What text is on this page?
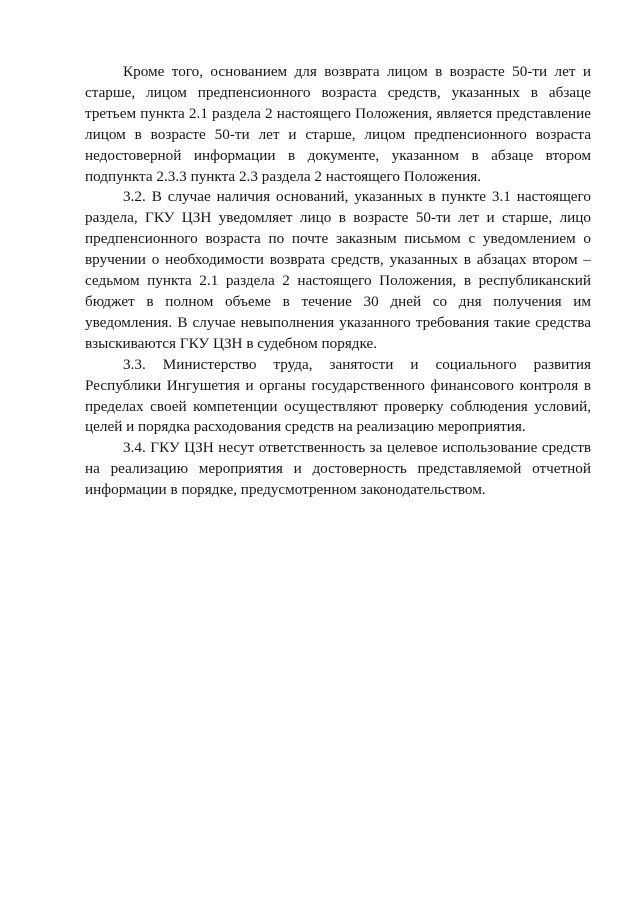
Кроме того, основанием для возврата лицом в возрасте 50-ти лет и старше, лицом предпенсионного возраста средств, указанных в абзаце третьем пункта 2.1 раздела 2 настоящего Положения, является представление лицом в возрасте 50-ти лет и старше, лицом предпенсионного возраста недостоверной информации в документе, указанном в абзаце втором подпункта 2.3.3 пункта 2.3 раздела 2 настоящего Положения.

3.2. В случае наличия оснований, указанных в пункте 3.1 настоящего раздела, ГКУ ЦЗН уведомляет лицо в возрасте 50-ти лет и старше, лицо предпенсионного возраста по почте заказным письмом с уведомлением о вручении о необходимости возврата средств, указанных в абзацах втором – седьмом пункта 2.1 раздела 2 настоящего Положения, в республиканский бюджет в полном объеме в течение 30 дней со дня получения им уведомления. В случае невыполнения указанного требования такие средства взыскиваются ГКУ ЦЗН в судебном порядке.

3.3. Министерство труда, занятости и социального развития Республики Ингушетия и органы государственного финансового контроля в пределах своей компетенции осуществляют проверку соблюдения условий, целей и порядка расходования средств на реализацию мероприятия.

3.4. ГКУ ЦЗН несут ответственность за целевое использование средств на реализацию мероприятия и достоверность представляемой отчетной информации в порядке, предусмотренном законодательством.
